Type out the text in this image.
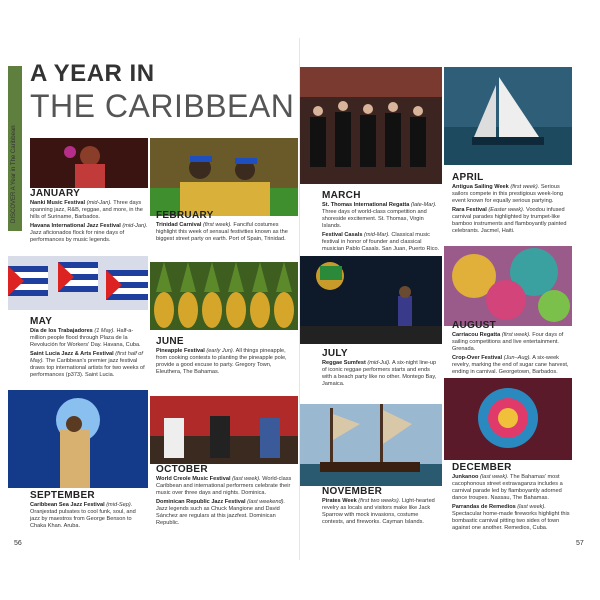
DISCOVER A Year in The Caribbean
A YEAR IN
THE CARIBBEAN
JANUARY
Nanki Music Festival (mid-Jan). Three days spanning jazz, R&B, reggae, and more, in the hills of Suriname, Barbados.
Havana International Jazz Festival (mid-Jan). Jazz aficionados flock for nine days of performances by music legends.
FEBRUARY
Trinidad Carnival (first week). Fanciful costumes highlight this week of sensual festivities known as the biggest street party on earth. Port of Spain, Trinidad.
MARCH
St. Thomas International Regatta (late-Mar). Three days of world-class competition and shoreside excitement. St. Thomas, Virgin Islands.
Festival Casals (mid-Mar). Classical music festival in honor of founder and classical musician Pablo Casals. San Juan, Puerto Rico.
APRIL
Antigua Sailing Week (first week). Serious sailors compete in this prestigious week-long event known for equally serious partying.
Rara Festival (Easter week). Voodou infused carnival parades highlighted by trumpet-like bamboo instruments and flamboyantly painted celebrants. Jacmel, Haiti.
MAY
Día de los Trabajadores (1 May). Half-a-million people flood through Plaza de la Revolución for Workers' Day. Havana, Cuba.
Saint Lucia Jazz & Arts Festival (first half of May). The Caribbean's premier jazz festival draws top international artists for two weeks of performances (p373). Saint Lucia.
JUNE
Pineapple Festival (early Jun). All things pineapple, from cooking contests to planting the pineapple pole, provide a good excuse to party. Gregory Town, Eleuthera, The Bahamas.
JULY
Reggae Sumfest (mid-Jul). A six-night line-up of iconic reggae performers starts and ends with a beach party like no other. Montego Bay, Jamaica.
AUGUST
Carriacou Regatta (first week). Four days of sailing competitions and live entertainment. Grenada.
Crop-Over Festival (Jun–Aug). A six-week revelry, marking the end of sugar cane harvest, ending in carnival. Georgetown, Barbados.
SEPTEMBER
Caribbean Sea Jazz Festival (mid-Sep). Oranjestad pulsates to cool funk, soul, and jazz by maestros from George Benson to Chaka Khan. Aruba.
OCTOBER
World Creole Music Festival (last week). World-class Caribbean and international performers celebrate their music over three days and nights. Dominica.
Dominican Republic Jazz Festival (last weekend). Jazz legends such as Chuck Mangione and David Sánchez are regulars at this jazzfest. Dominican Republic.
NOVEMBER
Pirates Week (first two weeks). Light-hearted revelry as locals and visitors make like Jack Sparrow with mock invasions, costume contests, and fireworks. Cayman Islands.
DECEMBER
Junkanoo (last week). The Bahamas' most cacophonous street extravaganza includes a carnival parade led by flamboyantly adorned dance troupes. Nassau, The Bahamas.
Parrandas de Remedios (last week). Spectacular home-made fireworks highlight this bombastic carnival pitting two sides of town against one another. Remedios, Cuba.
56	57
